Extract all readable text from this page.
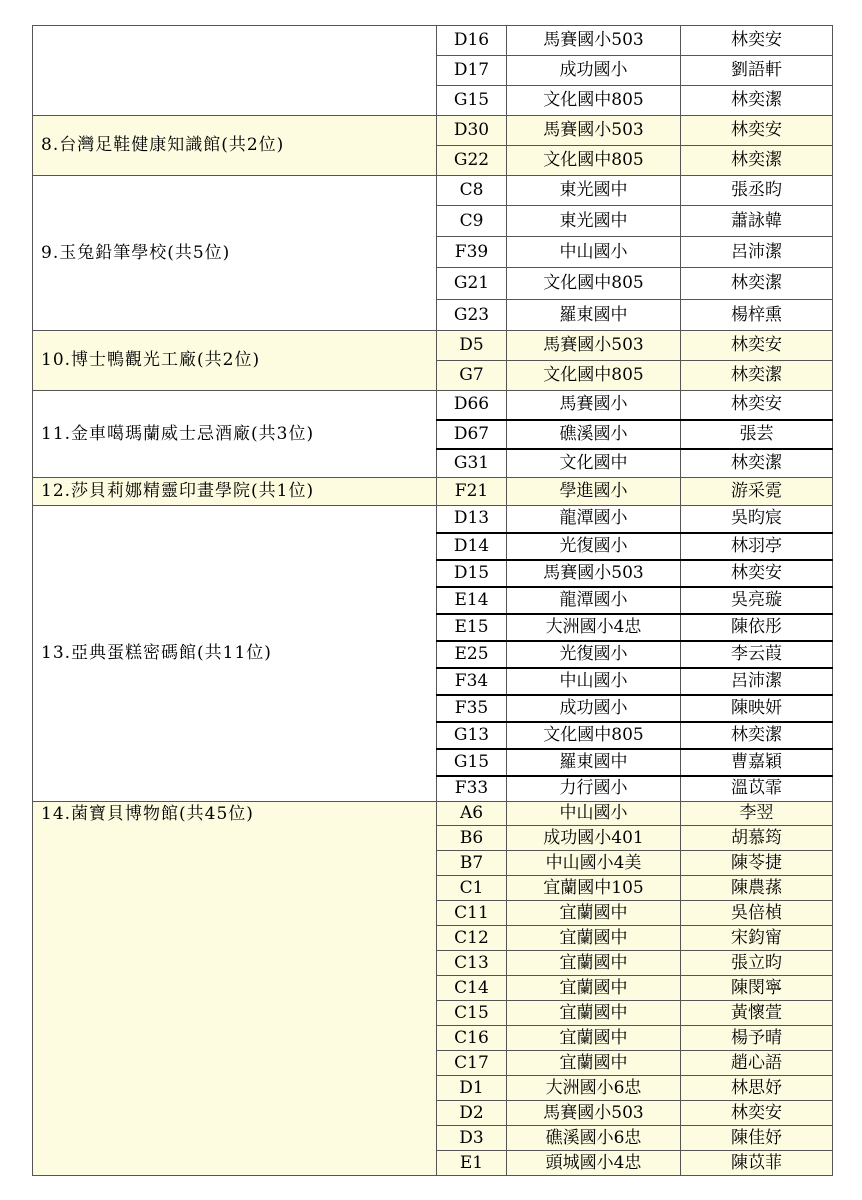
	D16	馬賽國小503	林奕安
	D17	成功國小	劉語軒
	G15	文化國中805	林奕潔
8.台灣足鞋健康知識館(共2位)	D30	馬賽國小503	林奕安
	G22	文化國中805	林奕潔
9.玉兔鉛筆學校(共5位)	C8	東光國中	張丞昀
	C9	東光國中	蕭詠韓
	F39	中山國小	呂沛潔
	G21	文化國中805	林奕潔
	G23	羅東國中	楊梓熏
10.博士鴨觀光工廠(共2位)	D5	馬賽國小503	林奕安
	G7	文化國中805	林奕潔
11.金車噶瑪蘭威士忌酒廠(共3位)	D66	馬賽國小	林奕安
	D67	礁溪國小	張芸
	G31	文化國中	林奕潔
12.莎貝莉娜精靈印畫學院(共1位)	F21	學進國小	游采霓
13.亞典蛋糕密碼館(共11位)	D13	龍潭國小	吳昀宸
	D14	光復國小	林羽亭
	D15	馬賽國小503	林奕安
	E14	龍潭國小	吳亮璇
	E15	大洲國小4忠	陳依彤
	E25	光復國小	李云葭
	F34	中山國小	呂沛潔
	F35	成功國小	陳映妍
	G13	文化國中805	林奕潔
	G15	羅東國中	曹嘉穎
	F33	力行國小	溫苡霏
14.菌寶貝博物館(共45位)	A6	中山國小	李翌
	B6	成功國小401	胡慕筠
	B7	中山國小4美	陳苓捷
	C1	宜蘭國中105	陳農蓀
	C11	宜蘭國中	吳倍楨
	C12	宜蘭國中	宋鈞甯
	C13	宜蘭國中	張立昀
	C14	宜蘭國中	陳閔寧
	C15	宜蘭國中	黃懷萱
	C16	宜蘭國中	楊予晴
	C17	宜蘭國中	趙心語
	D1	大洲國小6忠	林思妤
	D2	馬賽國小503	林奕安
	D3	礁溪國小6忠	陳佳妤
	E1	頭城國小4忠	陳苡菲
